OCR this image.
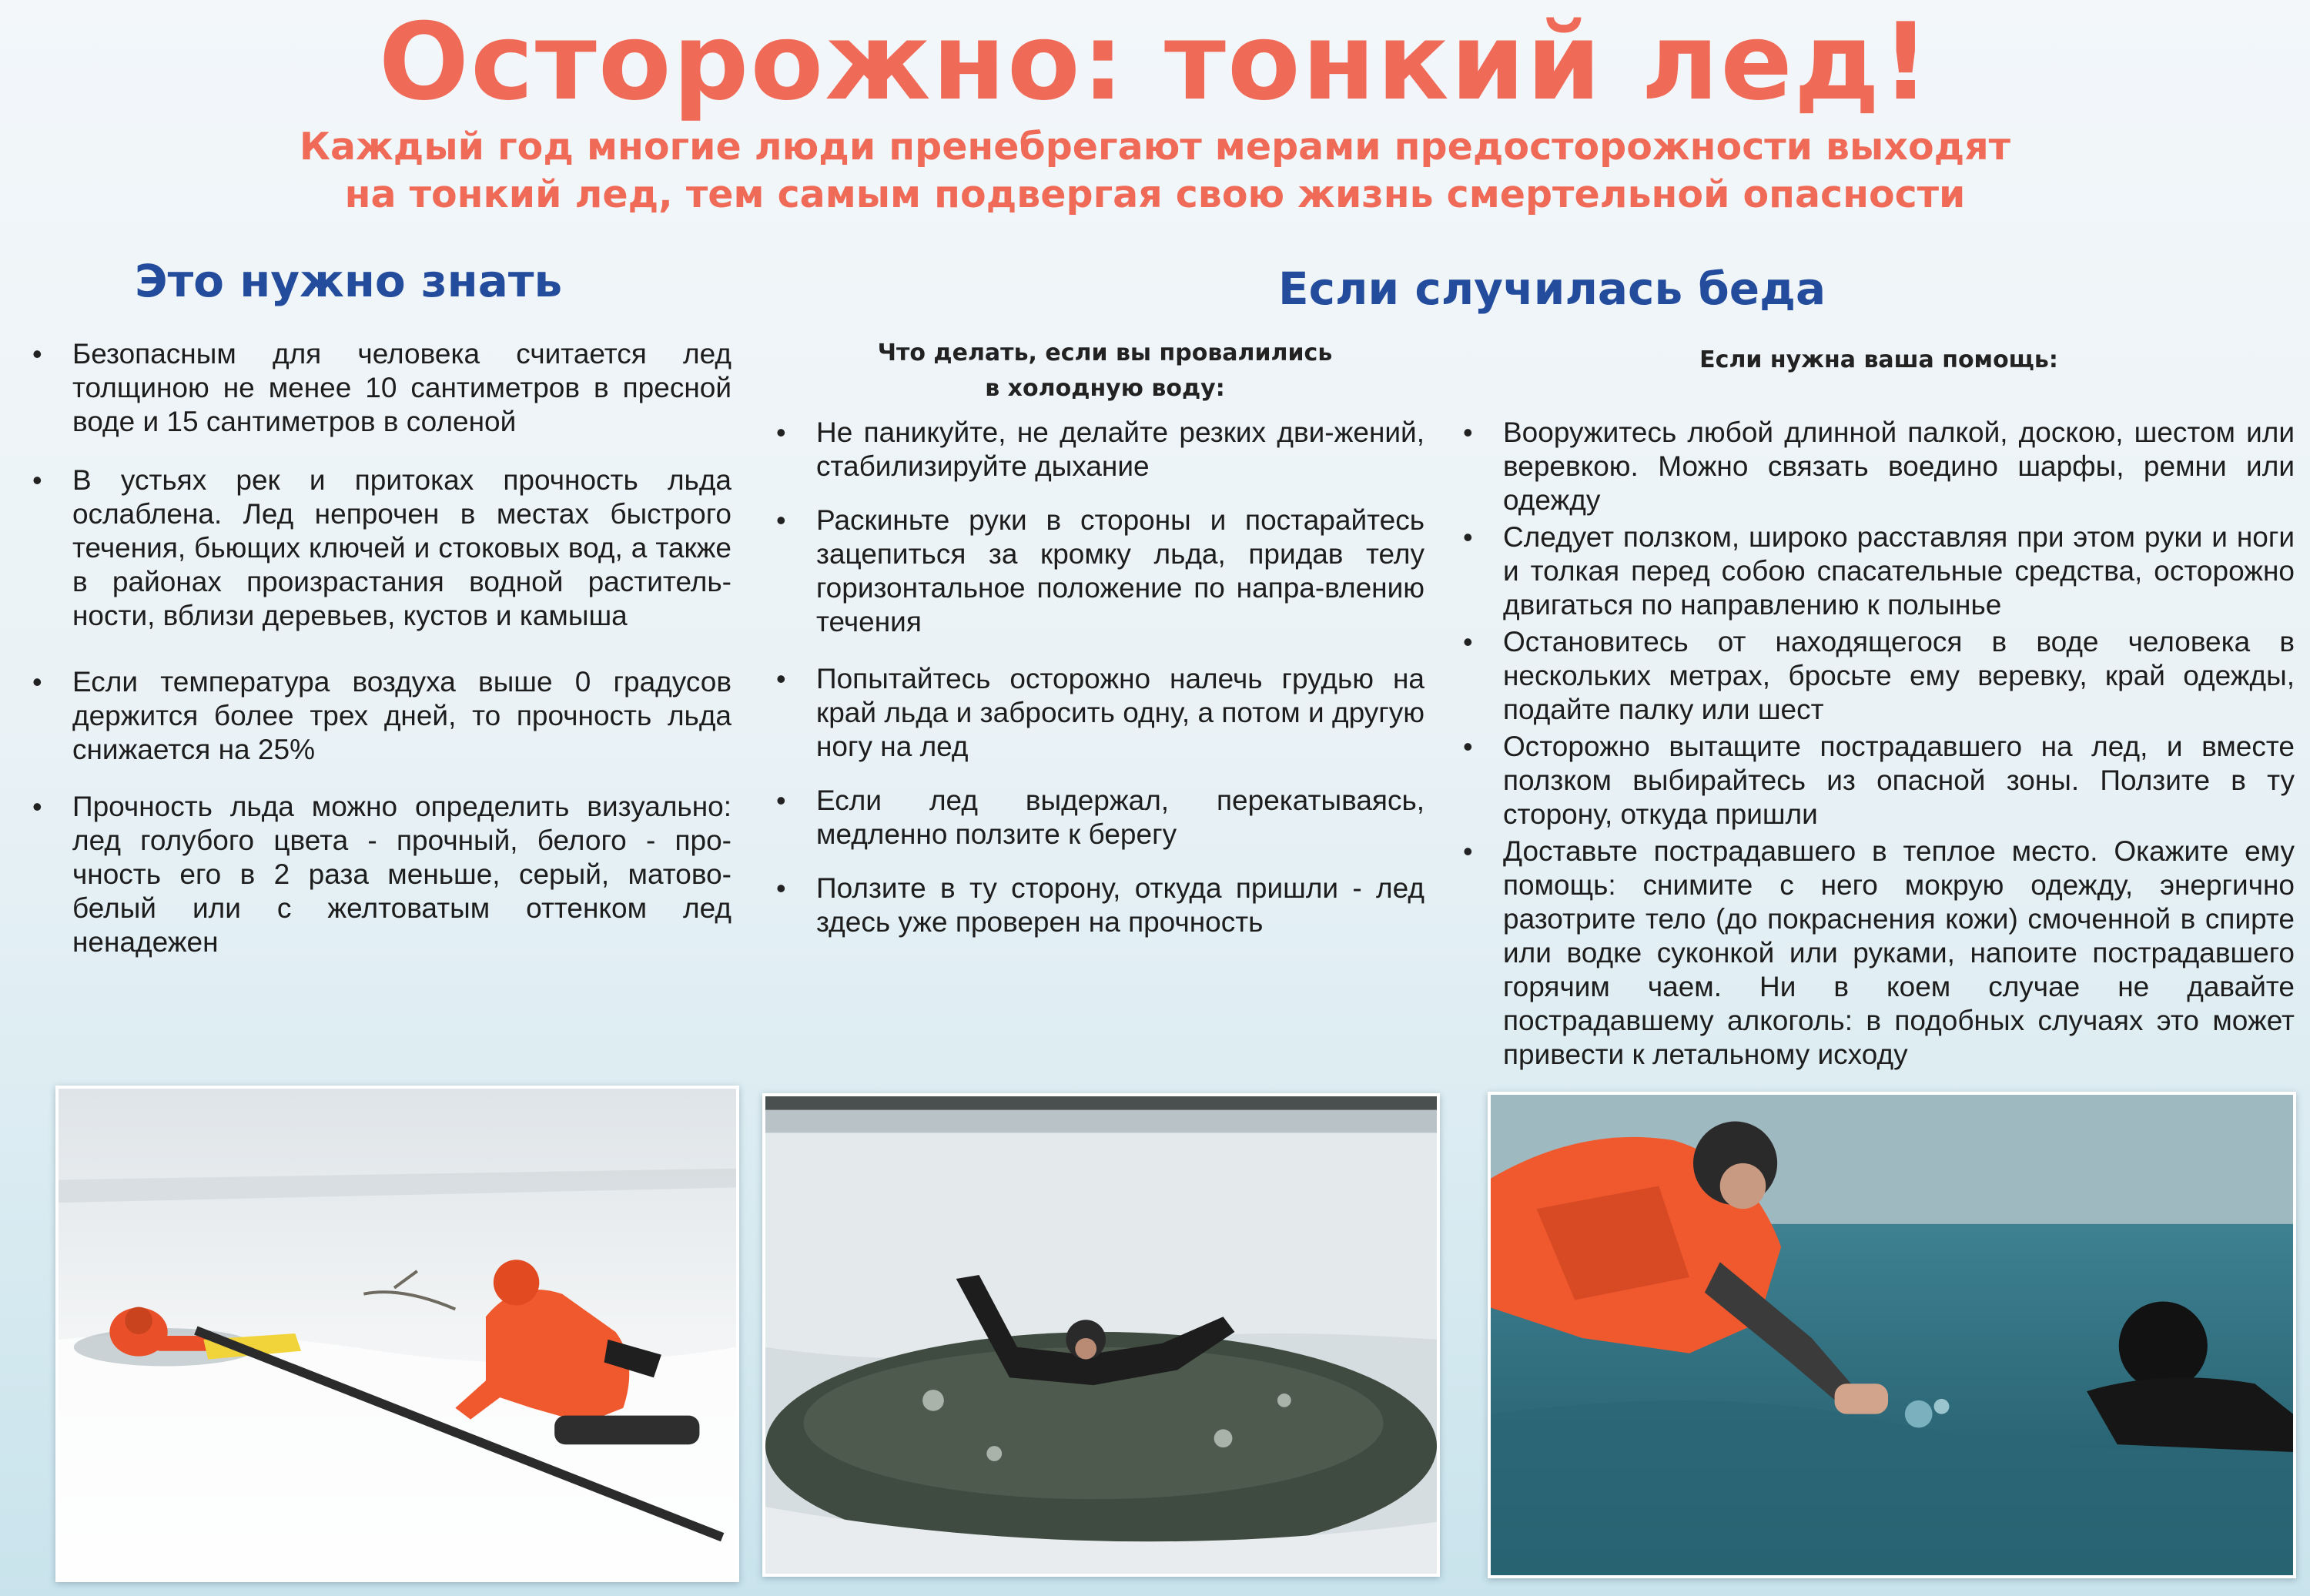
Осторожно: тонкий лед!
Каждый год многие люди пренебрегают мерами предосторожности выходят
на тонкий лед, тем самым подвергая свою жизнь смертельной опасности
Это нужно знать	Если случилась беда
• Безопасным для человека считается лед толщиною не менее 10 сантиметров в пресной воде и 15 сантиметров в соленой
• В устьях рек и притоках прочность льда ослаблена. Лед непрочен в местах быстрого течения, бьющих ключей и стоковых вод, а также в районах произрастания водной раститель-ности, вблизи деревьев, кустов и камыша
• Если температура воздуха выше 0 градусов держится более трех дней, то прочность льда снижается на 25%
• Прочность льда можно определить визуально: лед голубого цвета - прочный, белого - про-чность его в 2 раза меньше, серый, матово-белый или с желтоватым оттенком лед ненадежен
Что делать, если вы провалились
в холодную воду:
• Не паникуйте, не делайте резких дви-жений, стабилизируйте дыхание
• Раскиньте руки в стороны и постарайтесь зацепиться за кромку льда, придав телу горизонтальное положение по напра-влению течения
• Попытайтесь осторожно налечь грудью на край льда и забросить одну, а потом и другую ногу на лед
• Если лед выдержал, перекатываясь, медленно ползите к берегу
• Ползите в ту сторону, откуда пришли - лед здесь уже проверен на прочность
Если нужна ваша помощь:
• Вооружитесь любой длинной палкой, доскою, шестом или веревкою. Можно связать воедино шарфы, ремни или одежду
• Следует ползком, широко расставляя при этом руки и ноги и толкая перед собою спасательные средства, осторожно двигаться по направлению к полынье
• Остановитесь от находящегося в воде человека в нескольких метрах, бросьте ему веревку, край одежды, подайте палку или шест
• Осторожно вытащите пострадавшего на лед, и вместе ползком выбирайтесь из опасной зоны. Ползите в ту сторону, откуда пришли
• Доставьте пострадавшего в теплое место. Окажите ему помощь: снимите с него мокрую одежду, энергично разотрите тело (до покраснения кожи) смоченной в спирте или водке суконкой или руками, напоите пострадавшего горячим чаем. Ни в коем случае не давайте пострадавшему алкоголь: в подобных случаях это может привести к летальному исходу
